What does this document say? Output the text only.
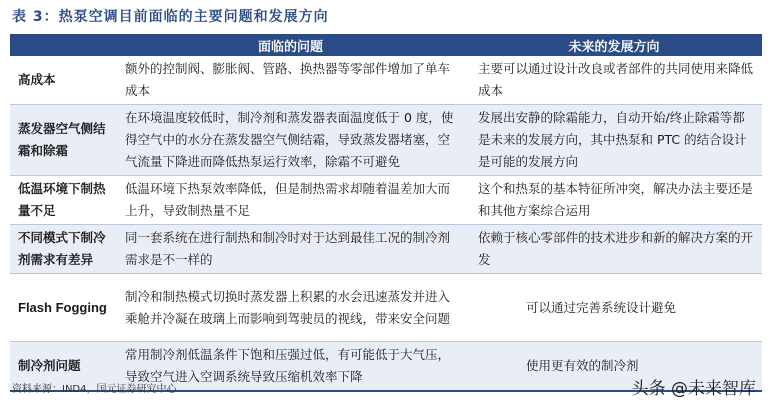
表 3：热泵空调目前面临的主要问题和发展方向
	面临的问题	未来的发展方向
高成本	额外的控制阀、膨胀阀、管路、换热器等零部件增加了单车成本	主要可以通过设计改良或者部件的共同使用来降低成本
蒸发器空气侧结霜和除霜	在环境温度较低时，制冷剂和蒸发器表面温度低于 0 度，使得空气中的水分在蒸发器空气侧结霜，导致蒸发器堵塞，空气流量下降进而降低热泵运行效率，除霜不可避免	发展出安静的除霜能力，自动开始/终止除霜等都是未来的发展方向，其中热泵和 PTC 的结合设计是可能的发展方向
低温环境下制热量不足	低温环境下热泵效率降低，但是制热需求却随着温差加大而上升，导致制热量不足	这个和热泵的基本特征所冲突，解决办法主要还是和其他方案综合运用
不同模式下制冷剂需求有差异	同一套系统在进行制热和制冷时对于达到最佳工况的制冷剂需求是不一样的	依赖于核心零部件的技术进步和新的解决方案的开发
Flash Fogging	制冷和制热模式切换时蒸发器上积累的水会迅速蒸发并进入乘舱并冷凝在玻璃上而影响到驾驶员的视线，带来安全问题	可以通过完善系统设计避免
制冷剂问题	常用制冷剂低温条件下饱和压强过低，有可能低于大气压，导致空气进入空调系统导致压缩机效率下降	使用更有效的制冷剂
资料来源：IND4，国元证券研究中心	头条 @未来智库
